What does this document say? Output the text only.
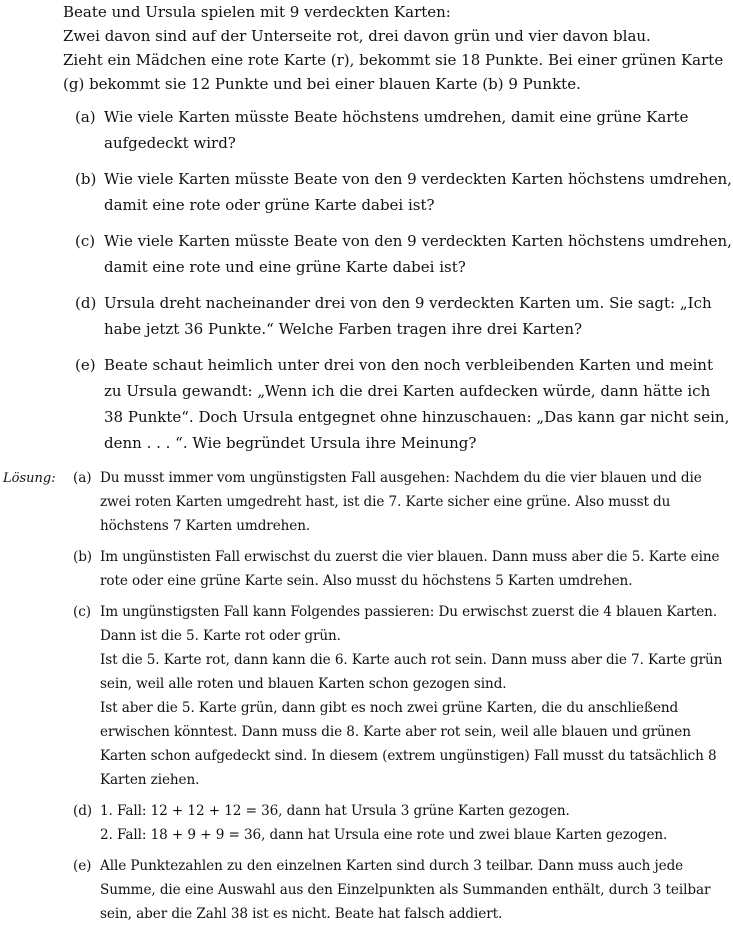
Beate und Ursula spielen mit 9 verdeckten Karten:

Zwei davon sind auf der Unterseite rot, drei davon grün und vier davon blau.

Zieht ein Mädchen eine rote Karte (r), bekommt sie 18 Punkte. Bei einer grünen Karte (g) bekommt sie 12 Punkte und bei einer blauen Karte (b) 9 Punkte.

(a) Wie viele Karten müsste Beate höchstens umdrehen, damit eine grüne Karte aufgedeckt wird?

(b) Wie viele Karten müsste Beate von den 9 verdeckten Karten höchstens umdrehen, damit eine rote oder grüne Karte dabei ist?

(c) Wie viele Karten müsste Beate von den 9 verdeckten Karten höchstens umdrehen, damit eine rote und eine grüne Karte dabei ist?

(d) Ursula dreht nacheinander drei von den 9 verdeckten Karten um. Sie sagt: „Ich habe jetzt 36 Punkte.“ Welche Farben tragen ihre drei Karten?

(e) Beate schaut heimlich unter drei von den noch verbleibenden Karten und meint zu Ursula gewandt: „Wenn ich die drei Karten aufdecken würde, dann hätte ich 38 Punkte“. Doch Ursula entgegnet ohne hinzuschauen: „Das kann gar nicht sein, denn . . . “. Wie begründet Ursula ihre Meinung?

Lösung: (a) Du musst immer vom ungünstigsten Fall ausgehen: Nachdem du die vier blauen und die zwei roten Karten umgedreht hast, ist die 7. Karte sicher eine grüne. Also musst du höchstens 7 Karten umdrehen.
(b) Im ungünstisten Fall erwischst du zuerst die vier blauen. Dann muss aber die 5. Karte eine rote oder eine grüne Karte sein. Also musst du höchstens 5 Karten umdrehen.
(c) Im ungünstigsten Fall kann Folgendes passieren: Du erwischst zuerst die 4 blauen Karten. Dann ist die 5. Karte rot oder grün.
Ist die 5. Karte rot, dann kann die 6. Karte auch rot sein. Dann muss aber die 7. Karte grün sein, weil alle roten und blauen Karten schon gezogen sind.
Ist aber die 5. Karte grün, dann gibt es noch zwei grüne Karten, die du anschließend erwischen könntest. Dann muss die 8. Karte aber rot sein, weil alle blauen und grünen Karten schon aufgedeckt sind. In diesem (extrem ungünstigen) Fall musst du tatsächlich 8 Karten ziehen.
(d) 1. Fall: 12 + 12 + 12 = 36, dann hat Ursula 3 grüne Karten gezogen.
2. Fall: 18 + 9 + 9 = 36, dann hat Ursula eine rote und zwei blaue Karten gezogen.
(e) Alle Punktezahlen zu den einzelnen Karten sind durch 3 teilbar. Dann muss auch jede Summe, die eine Auswahl aus den Einzelpunkten als Summanden enthält, durch 3 teilbar sein, aber die Zahl 38 ist es nicht. Beate hat falsch addiert.
